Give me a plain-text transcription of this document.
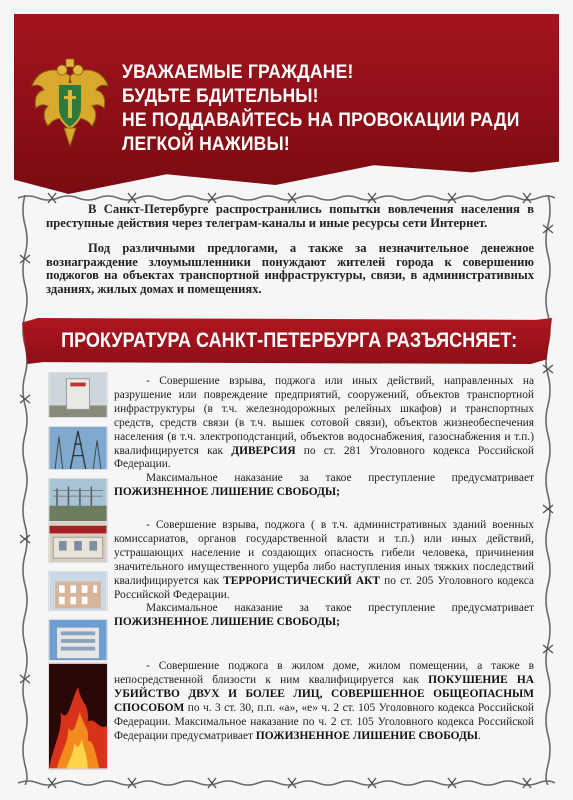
УВАЖАЕМЫЕ ГРАЖДАНЕ!
БУДЬТЕ БДИТЕЛЬНЫ!
НЕ ПОДДАВАЙТЕСЬ НА ПРОВОКАЦИИ РАДИ
ЛЕГКОЙ НАЖИВЫ!

В Санкт-Петербурге распространились попытки вовлечения населения в преступные действия через телеграм-каналы и иные ресурсы сети Интернет.

Под различными предлогами, а также за незначительное денежное вознаграждение злоумышленники понуждают жителей города к совершению поджогов на объектах транспортной инфраструктуры, связи, в административных зданиях, жилых домах и помещениях.

ПРОКУРАТУРА САНКТ-ПЕТЕРБУРГА РАЗЪЯСНЯЕТ:

- Совершение взрыва, поджога или иных действий, направленных на разрушение или повреждение предприятий, сооружений, объектов транспортной инфраструктуры (в т.ч. железнодорожных релейных шкафов) и транспортных средств, средств связи (в т.ч. вышек сотовой связи), объектов жизнеобеспечения населения (в т.ч. электроподстанций, объектов водоснабжения, газоснабжения и т.п.) квалифицируется как ДИВЕРСИЯ по ст. 281 Уголовного кодекса Российской Федерации.

Максимальное наказание за такое преступление предусматривает ПОЖИЗНЕННОЕ ЛИШЕНИЕ СВОБОДЫ;

- Совершение взрыва, поджога ( в т.ч. административных зданий военных комиссариатов, органов государственной власти и т.п.) или иных действий, устрашающих население и создающих опасность гибели человека, причинения значительного имущественного ущерба либо наступления иных тяжких последствий квалифицируется как ТЕРРОРИСТИЧЕСКИЙ АКТ по ст. 205 Уголовного кодекса Российской Федерации.

Максимальное наказание за такое преступление предусматривает ПОЖИЗНЕННОЕ ЛИШЕНИЕ СВОБОДЫ;

- Совершение поджога в жилом доме, жилом помещении, а также в непосредственной близости к ним квалифицируется как ПОКУШЕНИЕ НА УБИЙСТВО ДВУХ И БОЛЕЕ ЛИЦ, СОВЕРШЕННОЕ ОБЩЕОПАСНЫМ СПОСОБОМ по ч. 3 ст. 30, п.п. «а», «е» ч. 2 ст. 105 Уголовного кодекса Российской Федерации. Максимальное наказание по ч. 2 ст. 105 Уголовного кодекса Российской Федерации предусматривает ПОЖИЗНЕННОЕ ЛИШЕНИЕ СВОБОДЫ.
